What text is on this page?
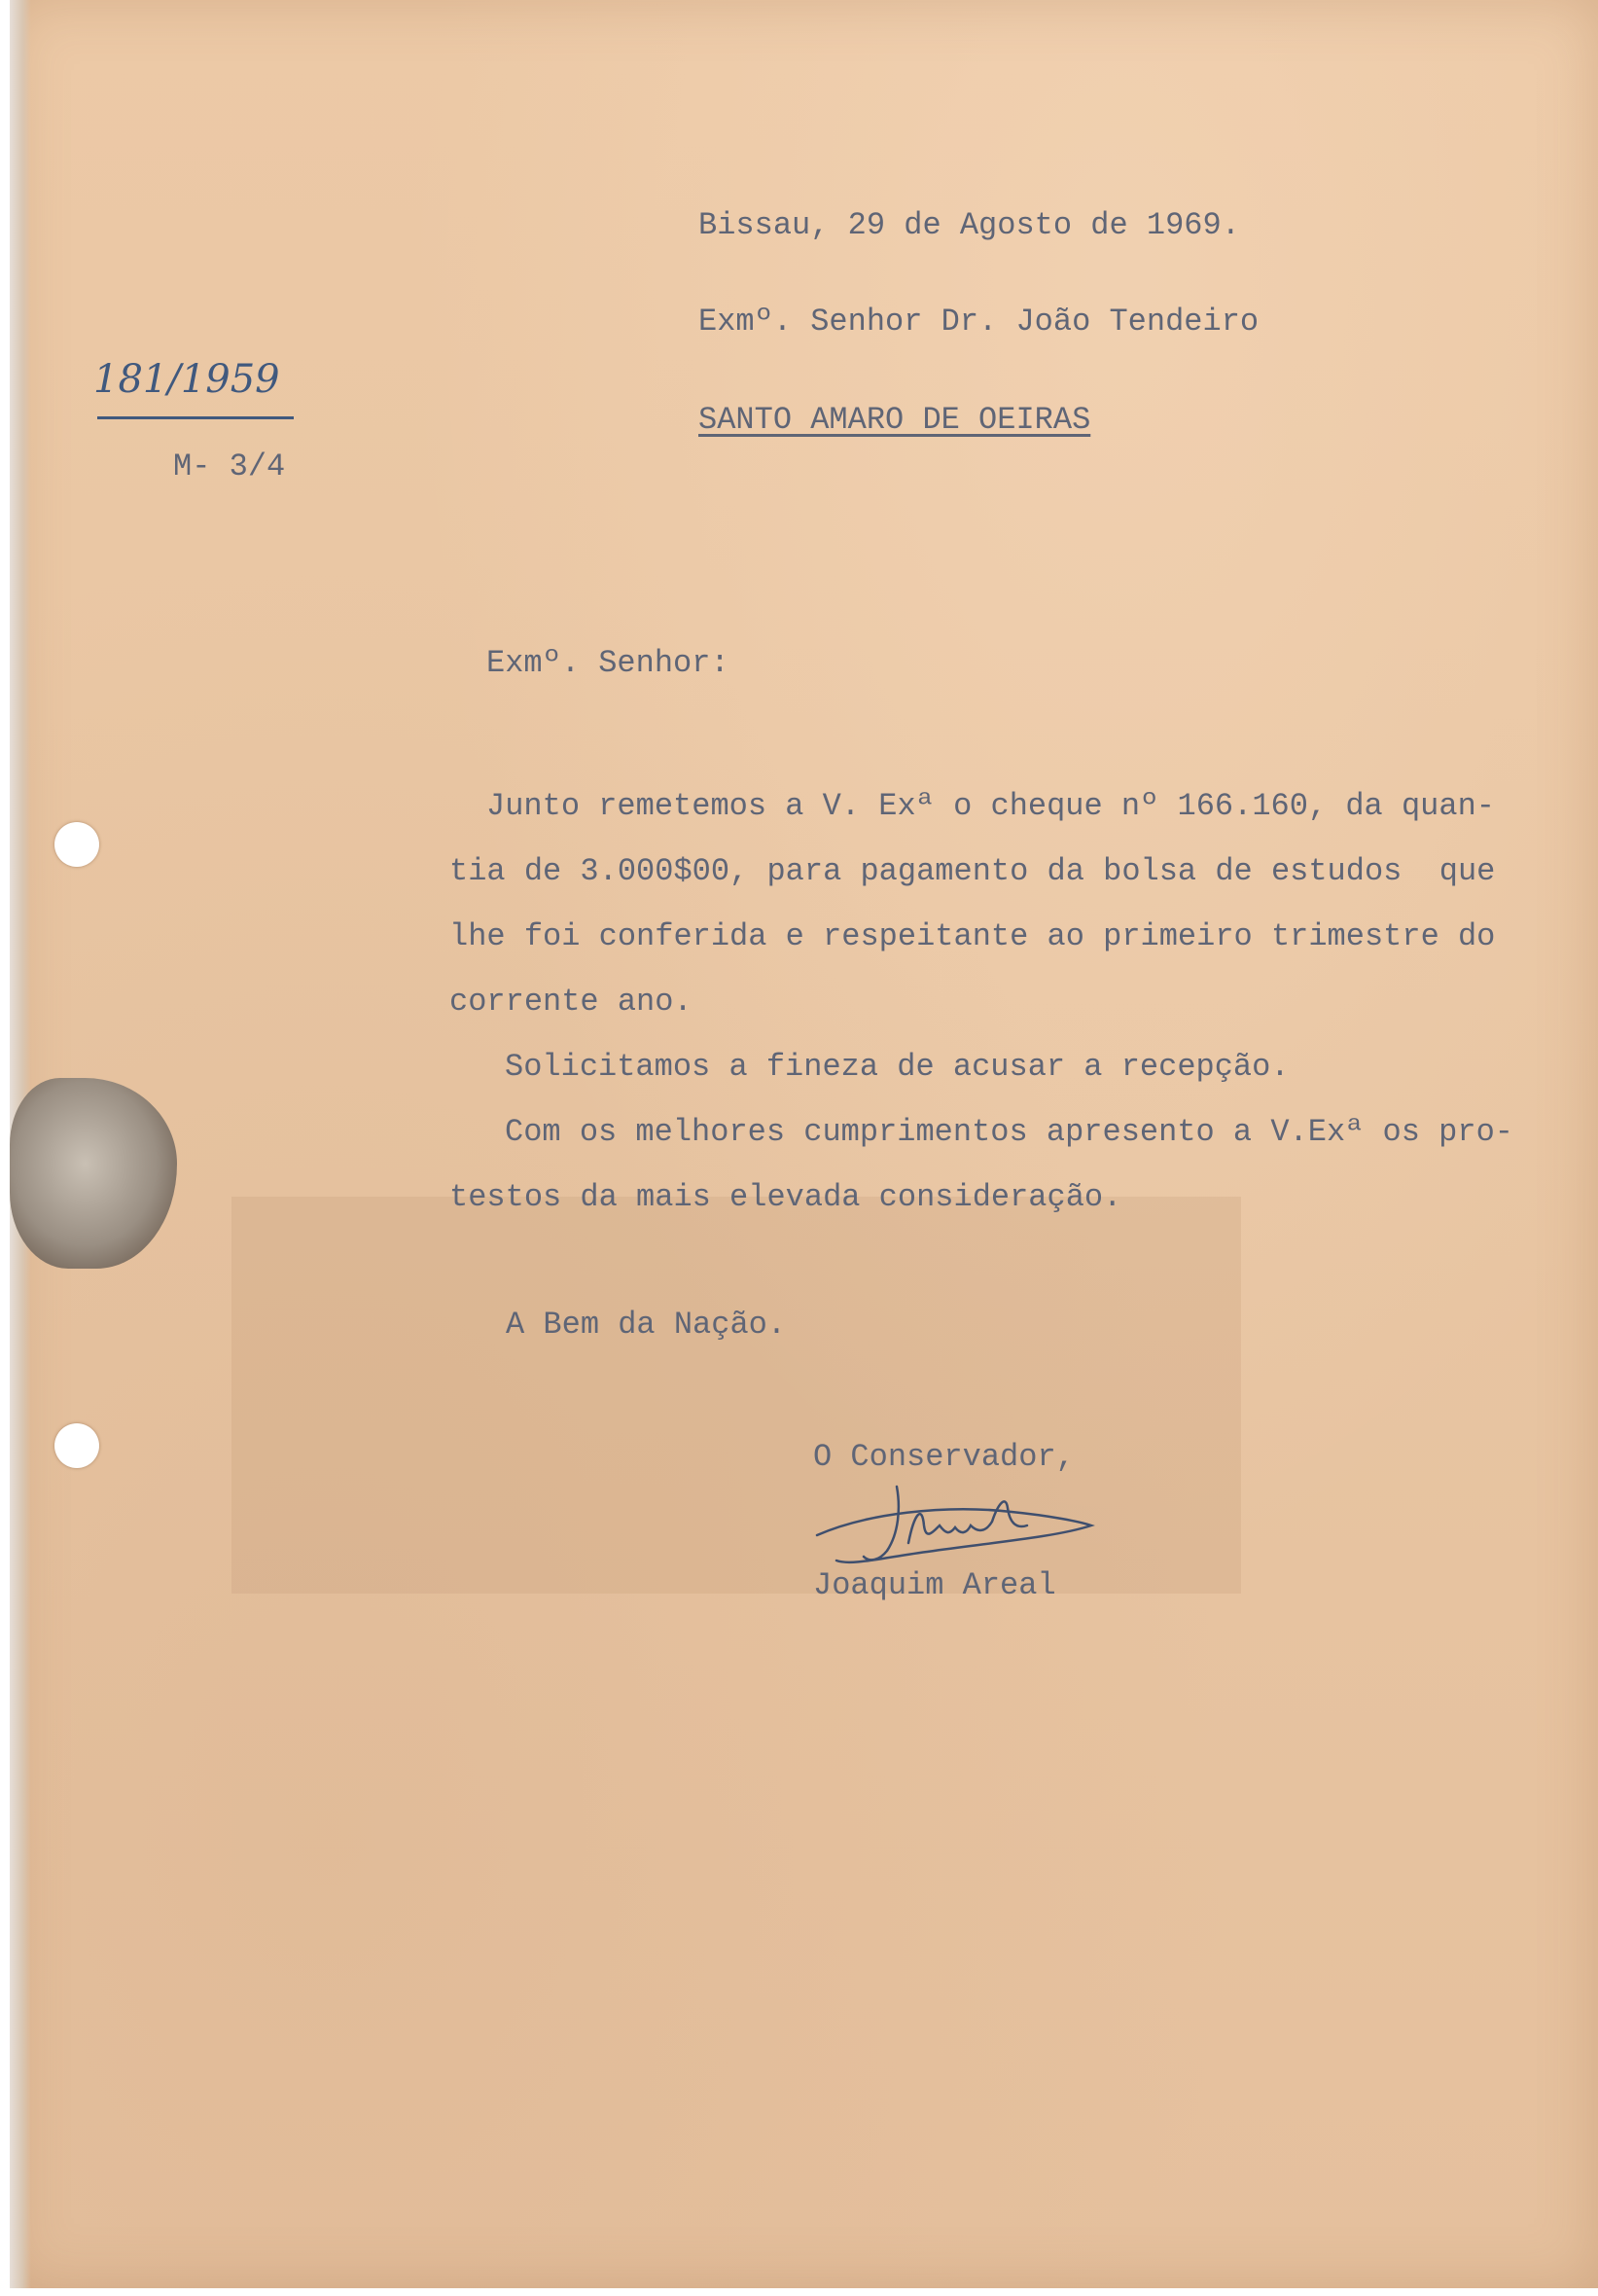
Bissau, 29 de Agosto de 1969.
Exmº. Senhor Dr. João Tendeiro
SANTO AMARO DE OEIRAS
181/1959
M- 3/4
Exmº. Senhor:

Junto remetemos a V. Exª o cheque nº 166.160, da quan-
tia de 3.000$00, para pagamento da bolsa de estudos  que
lhe foi conferida e respeitante ao primeiro trimestre do
corrente ano.

Solicitamos a fineza de acusar a recepção.

Com os melhores cumprimentos apresento a V.Exª os pro-
testos da mais elevada consideração.

A Bem da Nação.
O Conservador,
Joaquim Areal
